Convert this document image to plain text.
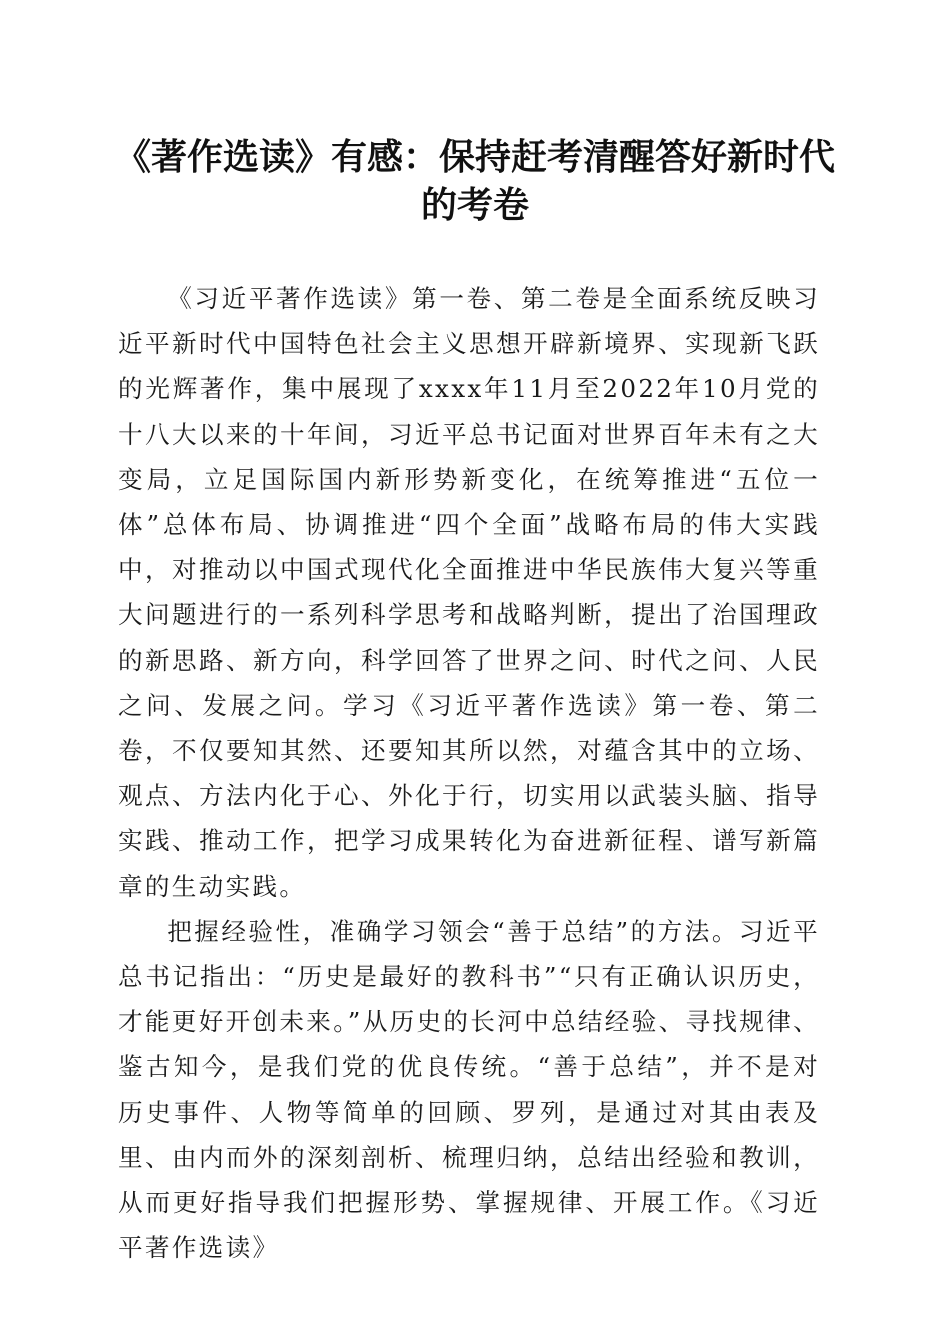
《著作选读》有感：保持赶考清醒答好新时代的考卷

《习近平著作选读》第一卷、第二卷是全面系统反映习近平新时代中国特色社会主义思想开辟新境界、实现新飞跃的光辉著作，集中展现了xxxx年11月至2022年10月党的十八大以来的十年间，习近平总书记面对世界百年未有之大变局，立足国际国内新形势新变化，在统筹推进“五位一体”总体布局、协调推进“四个全面”战略布局的伟大实践中，对推动以中国式现代化全面推进中华民族伟大复兴等重大问题进行的一系列科学思考和战略判断，提出了治国理政的新思路、新方向，科学回答了世界之问、时代之问、人民之问、发展之问。学习《习近平著作选读》第一卷、第二卷，不仅要知其然、还要知其所以然，对蕴含其中的立场、观点、方法内化于心、外化于行，切实用以武装头脑、指导实践、推动工作，把学习成果转化为奋进新征程、谱写新篇章的生动实践。

把握经验性，准确学习领会“善于总结”的方法。习近平总书记指出：“历史是最好的教科书”“只有正确认识历史，才能更好开创未来。”从历史的长河中总结经验、寻找规律、鉴古知今，是我们党的优良传统。“善于总结”，并不是对历史事件、人物等简单的回顾、罗列，是通过对其由表及里、由内而外的深刻剖析、梳理归纳，总结出经验和教训，从而更好指导我们把握形势、掌握规律、开展工作。《习近平著作选读》
